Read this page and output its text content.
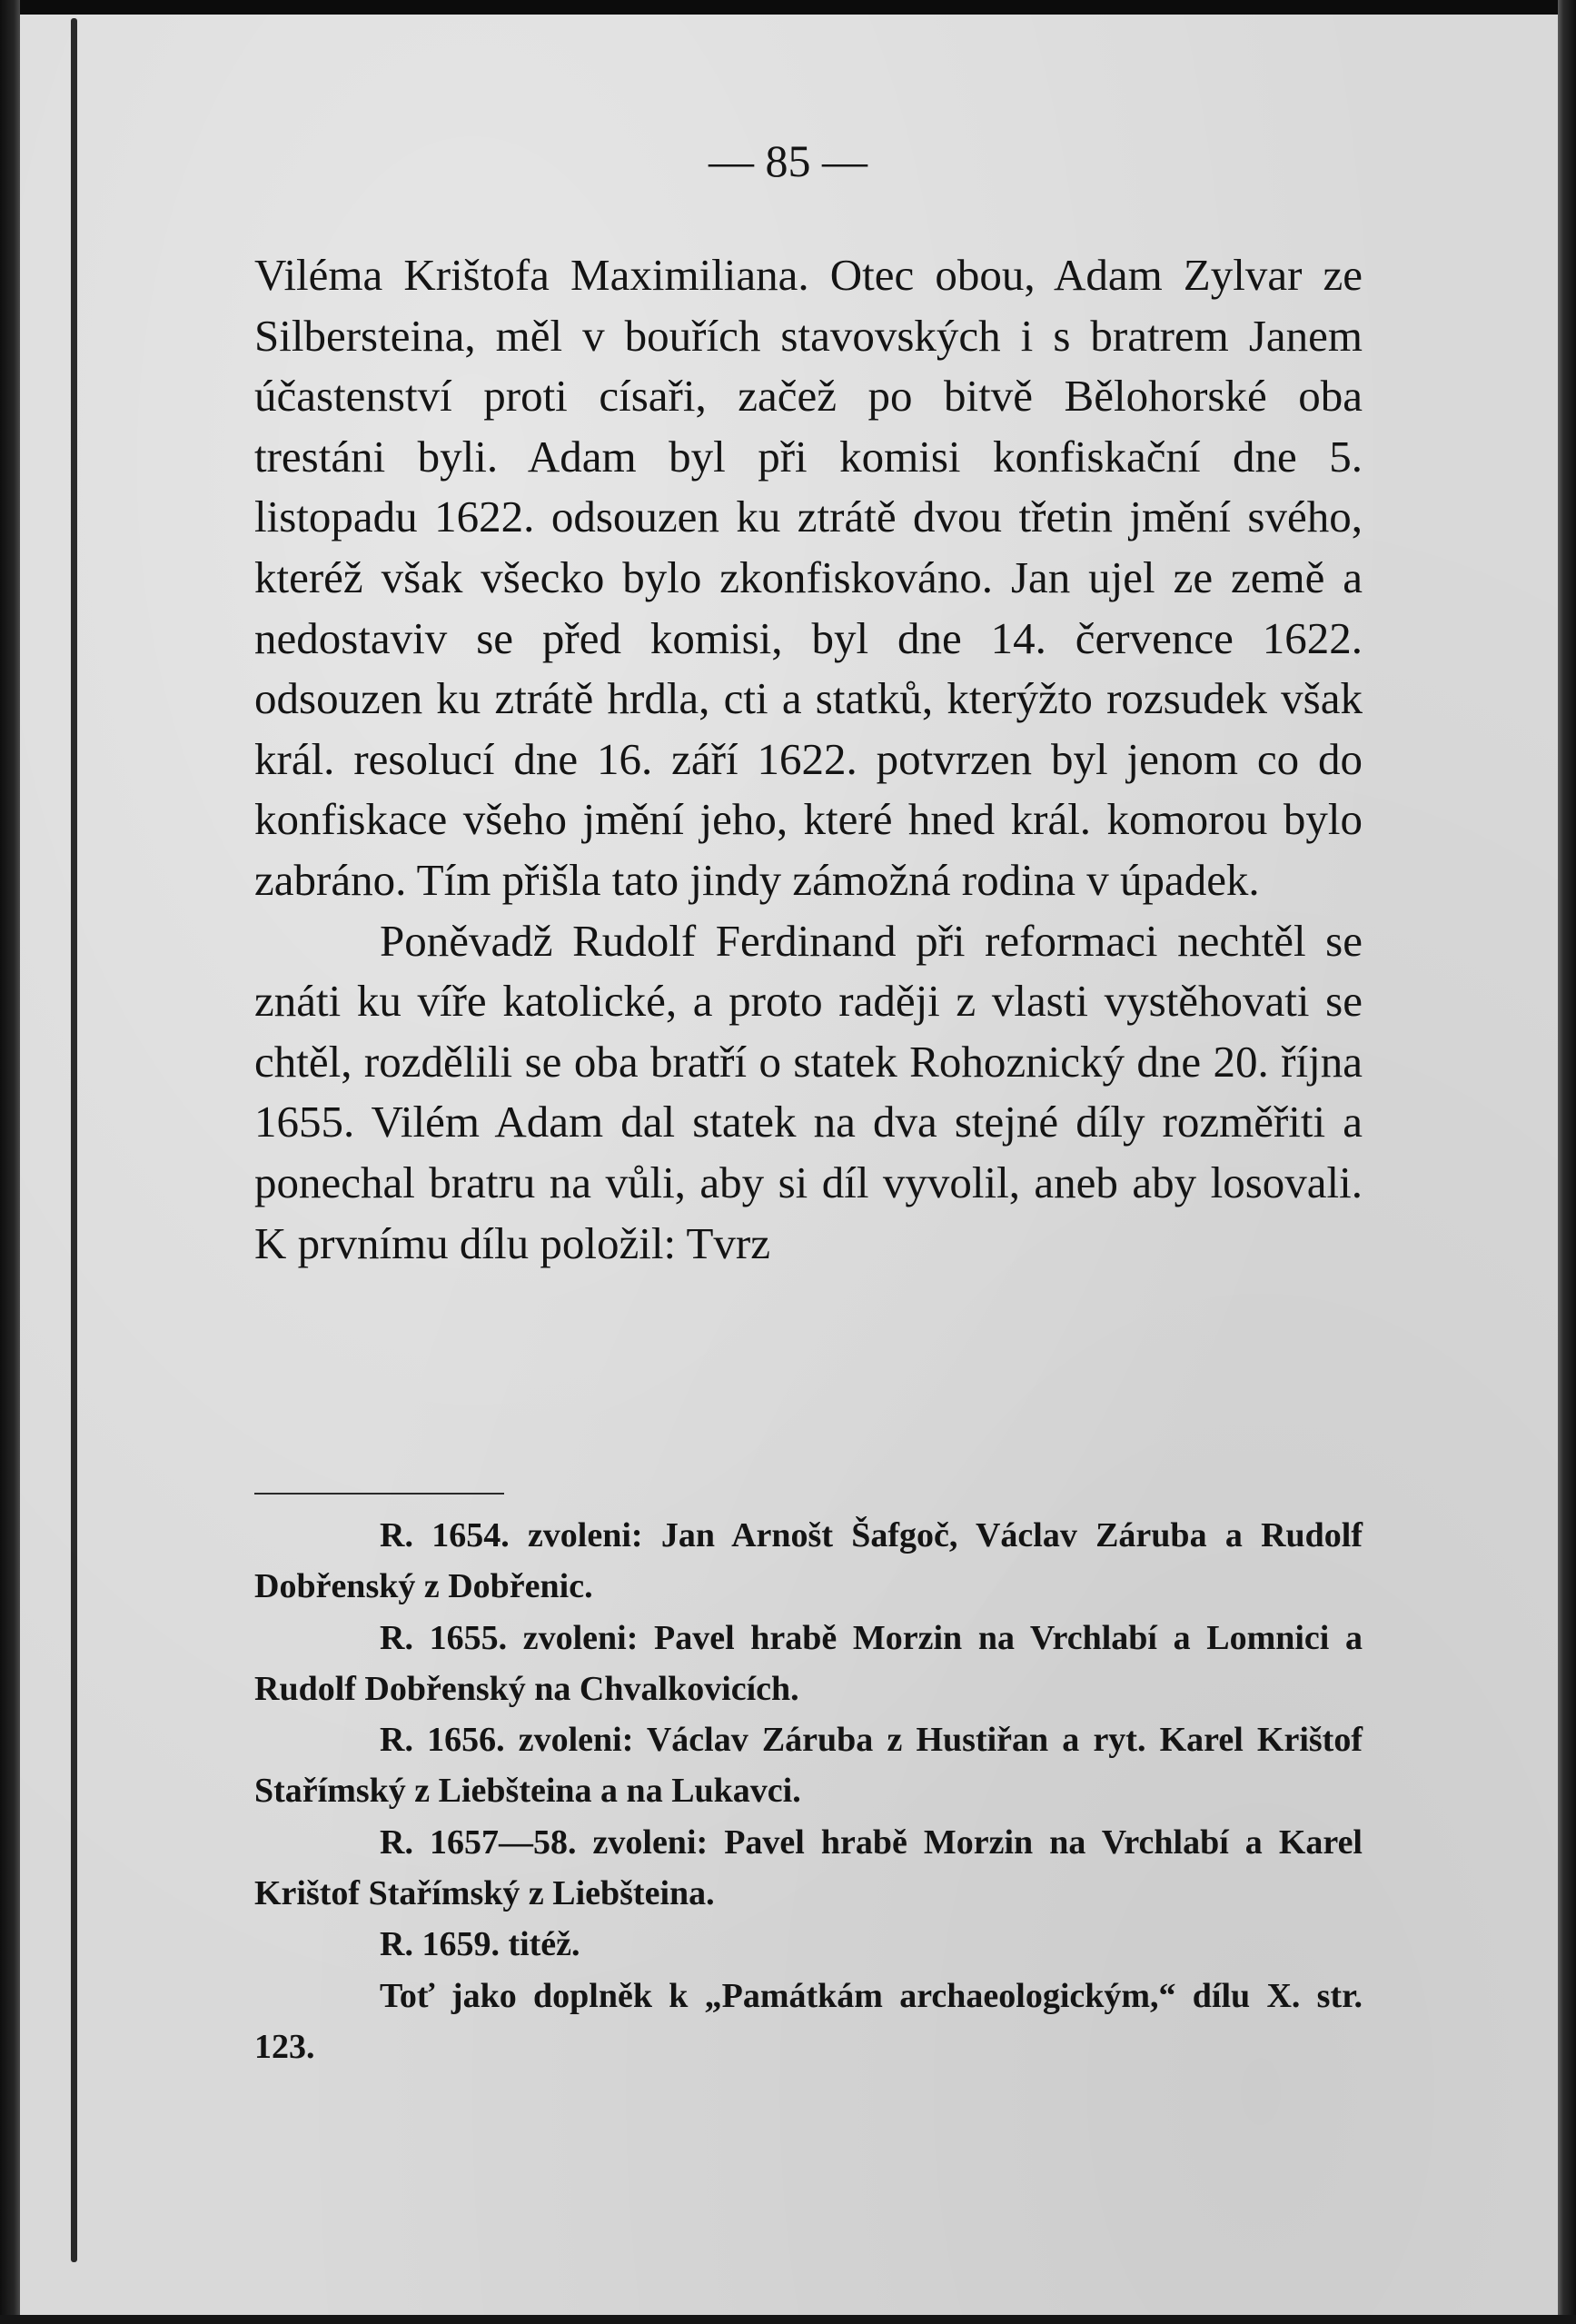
— 85 —

Viléma Krištofa Maximiliana. Otec obou, Adam Zylvar ze Silbersteina, měl v bouřích stavovských i s bratrem Janem účastenství proti císaři, začež po bitvě Bělohorské oba trestáni byli. Adam byl při komisi konfiskační dne 5. listopadu 1622. odsouzen ku ztrátě dvou třetin jmění svého, kteréž však všecko bylo zkonfiskováno. Jan ujel ze země a nedostaviv se před komisi, byl dne 14. července 1622. odsouzen ku ztrátě hrdla, cti a statků, kterýžto rozsudek však král. resolucí dne 16. září 1622. potvrzen byl jenom co do konfiskace všeho jmění jeho, které hned král. komorou bylo zabráno. Tím přišla tato jindy zámožná rodina v úpadek.

Poněvadž Rudolf Ferdinand při reformaci nechtěl se znáti ku víře katolické, a proto raději z vlasti vystěhovati se chtěl, rozdělili se oba bratří o statek Rohoznický dne 20. října 1655. Vilém Adam dal statek na dva stejné díly rozměřiti a ponechal bratru na vůli, aby si díl vyvolil, aneb aby losovali. K prvnímu dílu položil: Tvrz

R. 1654. zvoleni: Jan Arnošt Šafgoč, Václav Záruba a Rudolf Dobřenský z Dobřenic.

R. 1655. zvoleni: Pavel hrabě Morzin na Vrchlabí a Lomnici a Rudolf Dobřenský na Chvalkovicích.

R. 1656. zvoleni: Václav Záruba z Hustiřan a ryt. Karel Krištof Stařímský z Liebšteina a na Lukavci.

R. 1657—58. zvoleni: Pavel hrabě Morzin na Vrchlabí a Karel Krištof Stařímský z Liebšteina.

R. 1659. titéž.

Toť jako doplněk k „Památkám archaeologickým,“ dílu X. str. 123.
